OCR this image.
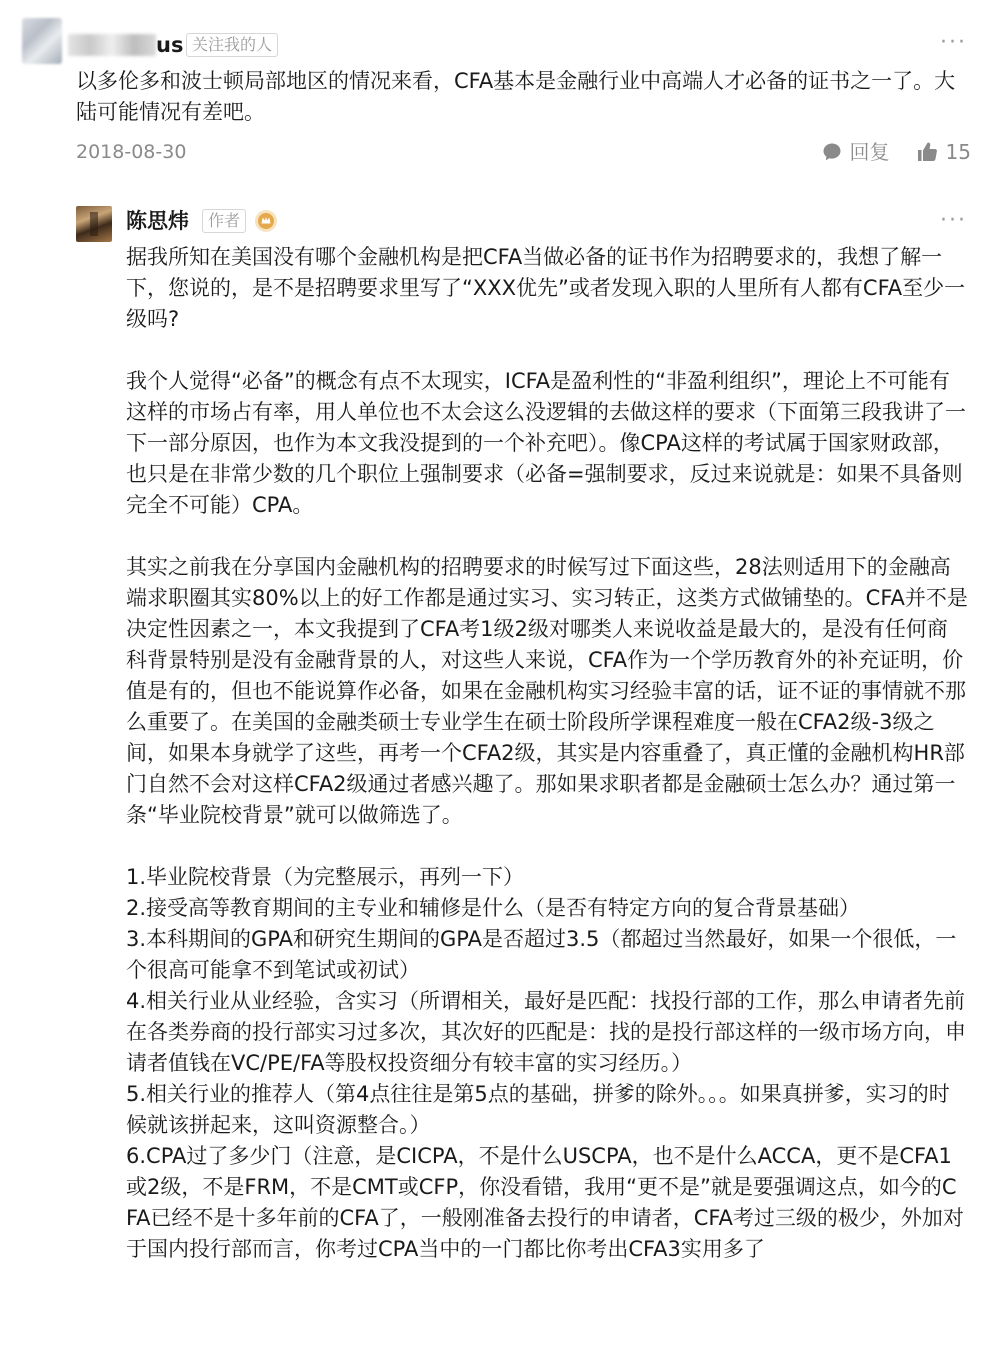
us 关注我的人	···
以多伦多和波士顿局部地区的情况来看，CFA基本是金融行业中高端人才必备的证书之一了。大陆可能情况有差吧。
2018-08-30	回复	15
陈思炜	作者	···
据我所知在美国没有哪个金融机构是把CFA当做必备的证书作为招聘要求的，我想了解一下，您说的，是不是招聘要求里写了“XXX优先”或者发现入职的人里所有人都有CFA至少一级吗?

我个人觉得“必备”的概念有点不太现实，ICFA是盈利性的“非盈利组织”，理论上不可能有这样的市场占有率，用人单位也不太会这么没逻辑的去做这样的要求（下面第三段我讲了一下一部分原因，也作为本文我没提到的一个补充吧）。像CPA这样的考试属于国家财政部，也只是在非常少数的几个职位上强制要求（必备=强制要求，反过来说就是：如果不具备则完全不可能）CPA。

其实之前我在分享国内金融机构的招聘要求的时候写过下面这些，28法则适用下的金融高端求职圈其实80%以上的好工作都是通过实习、实习转正，这类方式做铺垫的。CFA并不是决定性因素之一，本文我提到了CFA考1级2级对哪类人来说收益是最大的，是没有任何商科背景特别是没有金融背景的人，对这些人来说，CFA作为一个学历教育外的补充证明，价值是有的，但也不能说算作必备，如果在金融机构实习经验丰富的话，证不证的事情就不那么重要了。在美国的金融类硕士专业学生在硕士阶段所学课程难度一般在CFA2级-3级之间，如果本身就学了这些，再考一个CFA2级，其实是内容重叠了，真正懂的金融机构HR部门自然不会对这样CFA2级通过者感兴趣了。那如果求职者都是金融硕士怎么办？通过第一条“毕业院校背景”就可以做筛选了。

1.毕业院校背景（为完整展示，再列一下）
2.接受高等教育期间的主专业和辅修是什么（是否有特定方向的复合背景基础）
3.本科期间的GPA和研究生期间的GPA是否超过3.5（都超过当然最好，如果一个很低，一个很高可能拿不到笔试或初试）
4.相关行业从业经验，含实习（所谓相关，最好是匹配：找投行部的工作，那么申请者先前在各类券商的投行部实习过多次，其次好的匹配是：找的是投行部这样的一级市场方向，申请者值钱在VC/PE/FA等股权投资细分有较丰富的实习经历。）
5.相关行业的推荐人（第4点往往是第5点的基础，拼爹的除外。。。如果真拼爹，实习的时候就该拼起来，这叫资源整合。）
6.CPA过了多少门（注意，是CICPA，不是什么USCPA，也不是什么ACCA，更不是CFA1或2级，不是FRM，不是CMT或CFP，你没看错，我用“更不是”就是要强调这点，如今的CFA已经不是十多年前的CFA了，一般刚准备去投行的申请者，CFA考过三级的极少，外加对于国内投行部而言，你考过CPA当中的一门都比你考出CFA3实用多了
